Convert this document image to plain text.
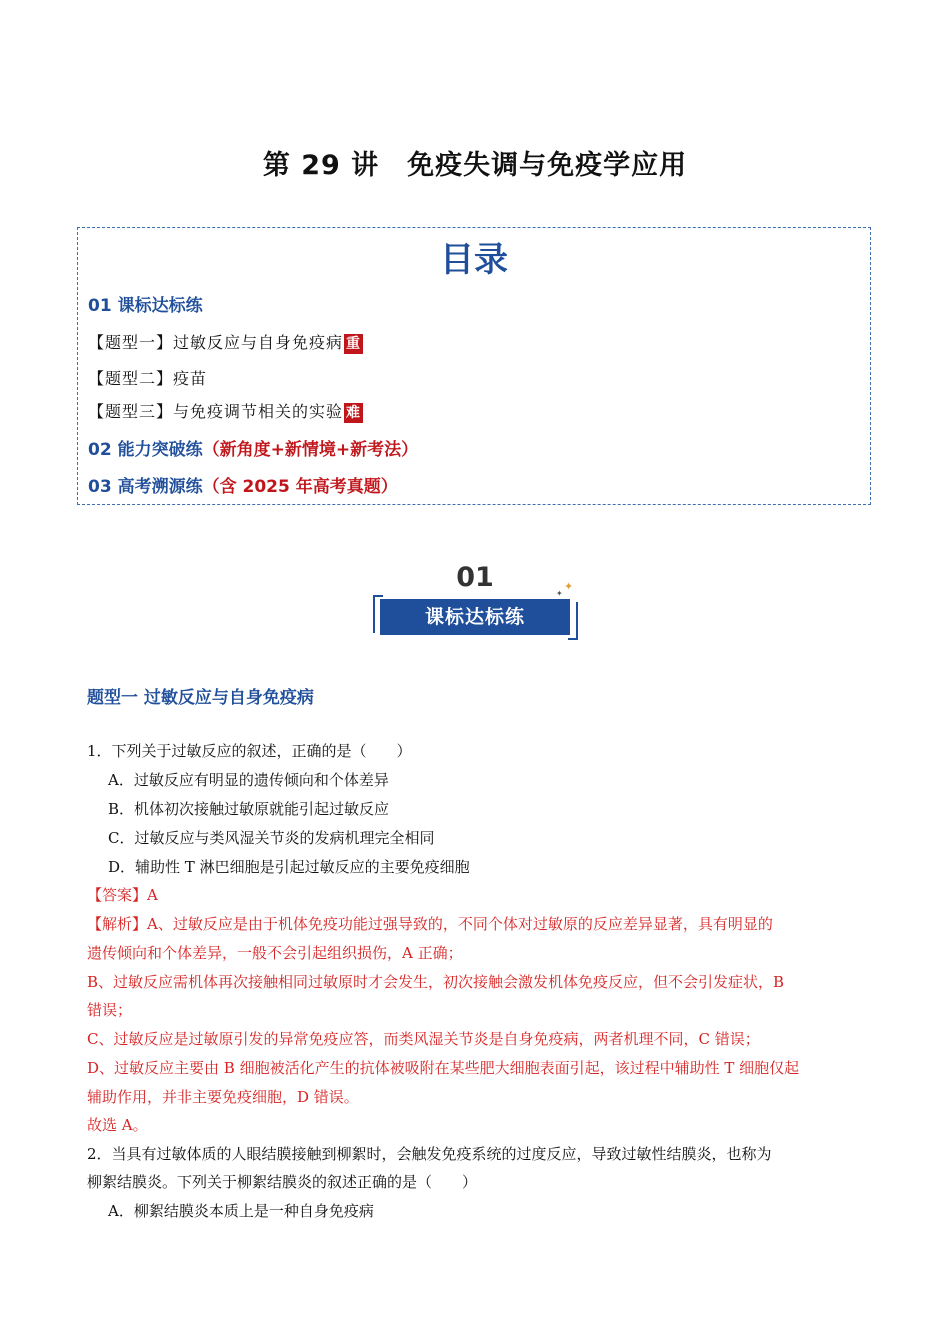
第 29 讲　免疫失调与免疫学应用
目录
01 课标达标练
【题型一】过敏反应与自身免疫病 重
【题型二】疫苗
【题型三】与免疫调节相关的实验 难
02 能力突破练（新角度+新情境+新考法）
03 高考溯源练（含 2025 年高考真题）
01	✦
✦
课标达标练
题型一 过敏反应与自身免疫病
1．下列关于过敏反应的叙述，正确的是（　　）
A．过敏反应有明显的遗传倾向和个体差异
B．机体初次接触过敏原就能引起过敏反应
C．过敏反应与类风湿关节炎的发病机理完全相同
D．辅助性 T 淋巴细胞是引起过敏反应的主要免疫细胞
【答案】A
【解析】A、过敏反应是由于机体免疫功能过强导致的，不同个体对过敏原的反应差异显著，具有明显的
遗传倾向和个体差异，一般不会引起组织损伤，A 正确；
B、过敏反应需机体再次接触相同过敏原时才会发生，初次接触会激发机体免疫反应，但不会引发症状，B
错误；
C、过敏反应是过敏原引发的异常免疫应答，而类风湿关节炎是自身免疫病，两者机理不同，C 错误；
D、过敏反应主要由 B 细胞被活化产生的抗体被吸附在某些肥大细胞表面引起，该过程中辅助性 T 细胞仅起
辅助作用，并非主要免疫细胞，D 错误。
故选 A。
2．当具有过敏体质的人眼结膜接触到柳絮时，会触发免疫系统的过度反应，导致过敏性结膜炎，也称为
柳絮结膜炎。下列关于柳絮结膜炎的叙述正确的是（　　）
A．柳絮结膜炎本质上是一种自身免疫病
